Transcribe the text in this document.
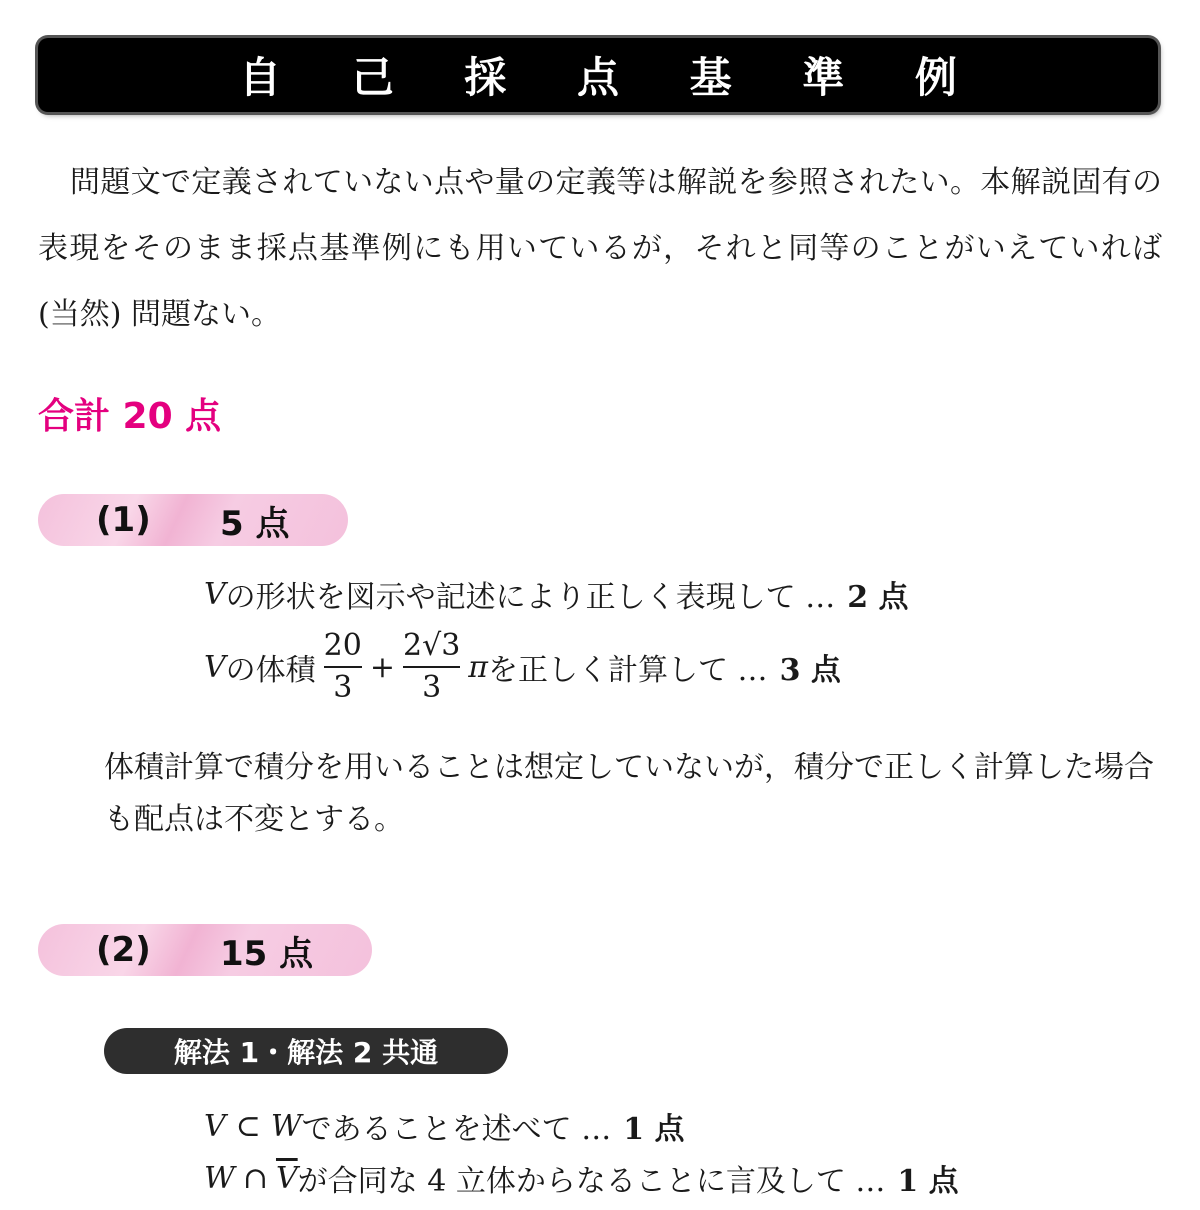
自 己 採 点 基 準 例

問題文で定義されていない点や量の定義等は解説を参照されたい。本解説固有の表現をそのまま採点基準例にも用いているが，それと同等のことがいえていれば (当然) 問題ない。

合計 20 点
(1) 5 点
V の形状を図示や記述により正しく表現して … 2 点
V の体積 $\frac{20}{3} + \frac{2√3}{3}$ π を正しく計算して … 3 点

体積計算で積分を用いることは想定していないが，積分で正しく計算した場合も配点は不変とする。

(2) 15 点
解法 1・解法 2 共通
V ⊂ W であることを述べて … 1 点
W ∩ $\overline{V}$ が合同な 4 立体からなることに言及して … 1 点
